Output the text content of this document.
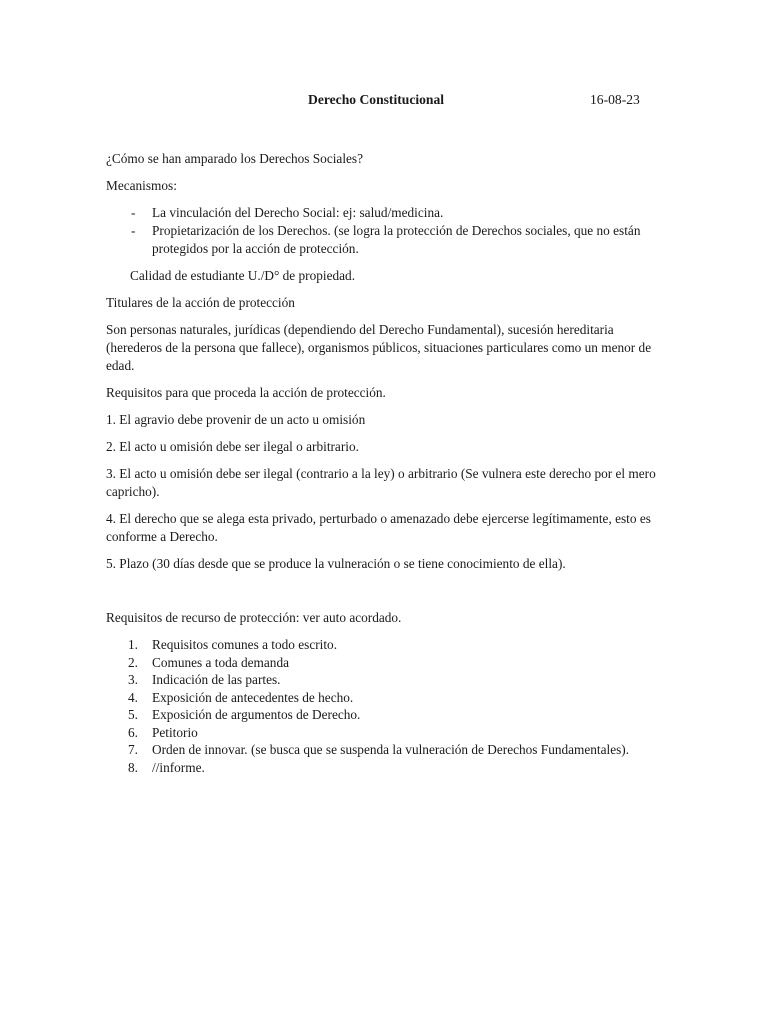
Derecho Constitucional	16-08-23

¿Cómo se han amparado los Derechos Sociales?

Mecanismos:

- La vinculación del Derecho Social: ej: salud/medicina.
- Propietarización de los Derechos. (se logra la protección de Derechos sociales, que no están protegidos por la acción de protección.

Calidad de estudiante U./D° de propiedad.

Titulares de la acción de protección

Son personas naturales, jurídicas (dependiendo del Derecho Fundamental), sucesión hereditaria (herederos de la persona que fallece), organismos públicos, situaciones particulares como un menor de edad.

Requisitos para que proceda la acción de protección.

1. El agravio debe provenir de un acto u omisión

2. El acto u omisión debe ser ilegal o arbitrario.

3. El acto u omisión debe ser ilegal (contrario a la ley) o arbitrario (Se vulnera este derecho por el mero capricho).

4. El derecho que se alega esta privado, perturbado o amenazado debe ejercerse legítimamente, esto es conforme a Derecho.

5. Plazo (30 días desde que se produce la vulneración o se tiene conocimiento de ella).

Requisitos de recurso de protección: ver auto acordado.

1. Requisitos comunes a todo escrito.
2. Comunes a toda demanda
3. Indicación de las partes.
4. Exposición de antecedentes de hecho.
5. Exposición de argumentos de Derecho.
6. Petitorio
7. Orden de innovar. (se busca que se suspenda la vulneración de Derechos Fundamentales).
8. //informe.
